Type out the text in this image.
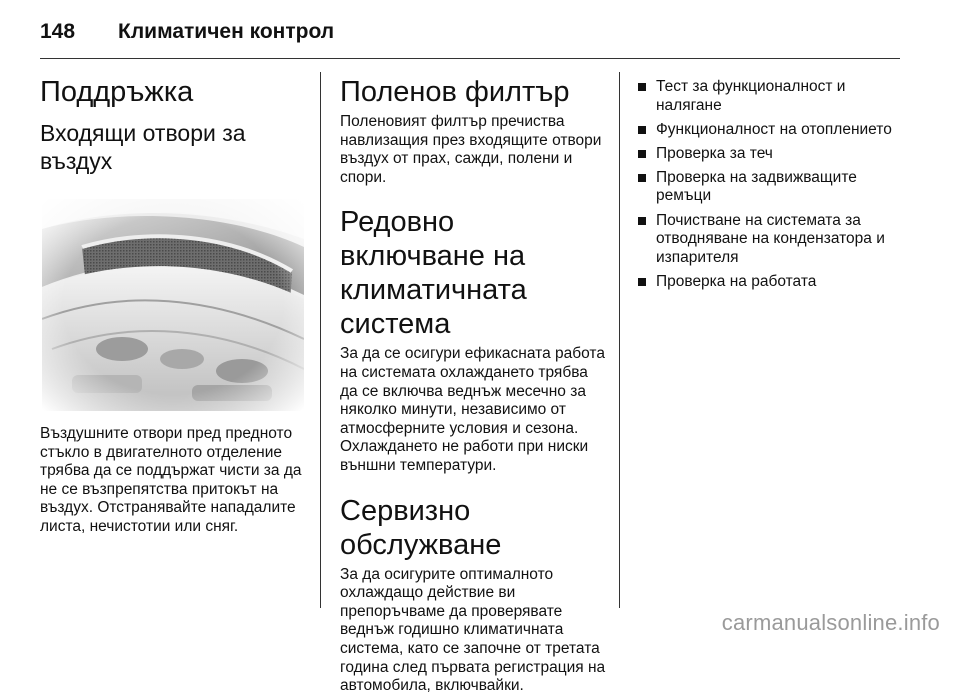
148 Климатичен контрол
Поддръжка
Входящи отвори за въздух

Въздушните отвори пред предното стъкло в двигателното отделение трябва да се поддържат чисти за да не се възпрепятства притокът на въздух. Отстранявайте нападалите листа, нечистотии или сняг.

Поленов филтър

Поленовият филтър пречиства навлизащия през входящите отвори въздух от прах, сажди, полени и спори.

Редовно включване на климатичната система

За да се осигури ефикасната работа на системата охлаждането трябва да се включва веднъж месечно за няколко минути, независимо от атмосферните условия и сезона. Охлаждането не работи при ниски външни температури.

Сервизно обслужване

За да осигурите оптималното охлаждащо действие ви препоръчваме да проверявате веднъж годишно климатичната система, като се започне от третата година след първата регистрация на автомобила, включвайки.

Тест за функционалност и налягане
Функционалност на отоплението
Проверка за теч
Проверка на задвижващите ремъци
Почистване на системата за отводняване на кондензатора и изпарителя
Проверка на работата
carmanualsonline.info
